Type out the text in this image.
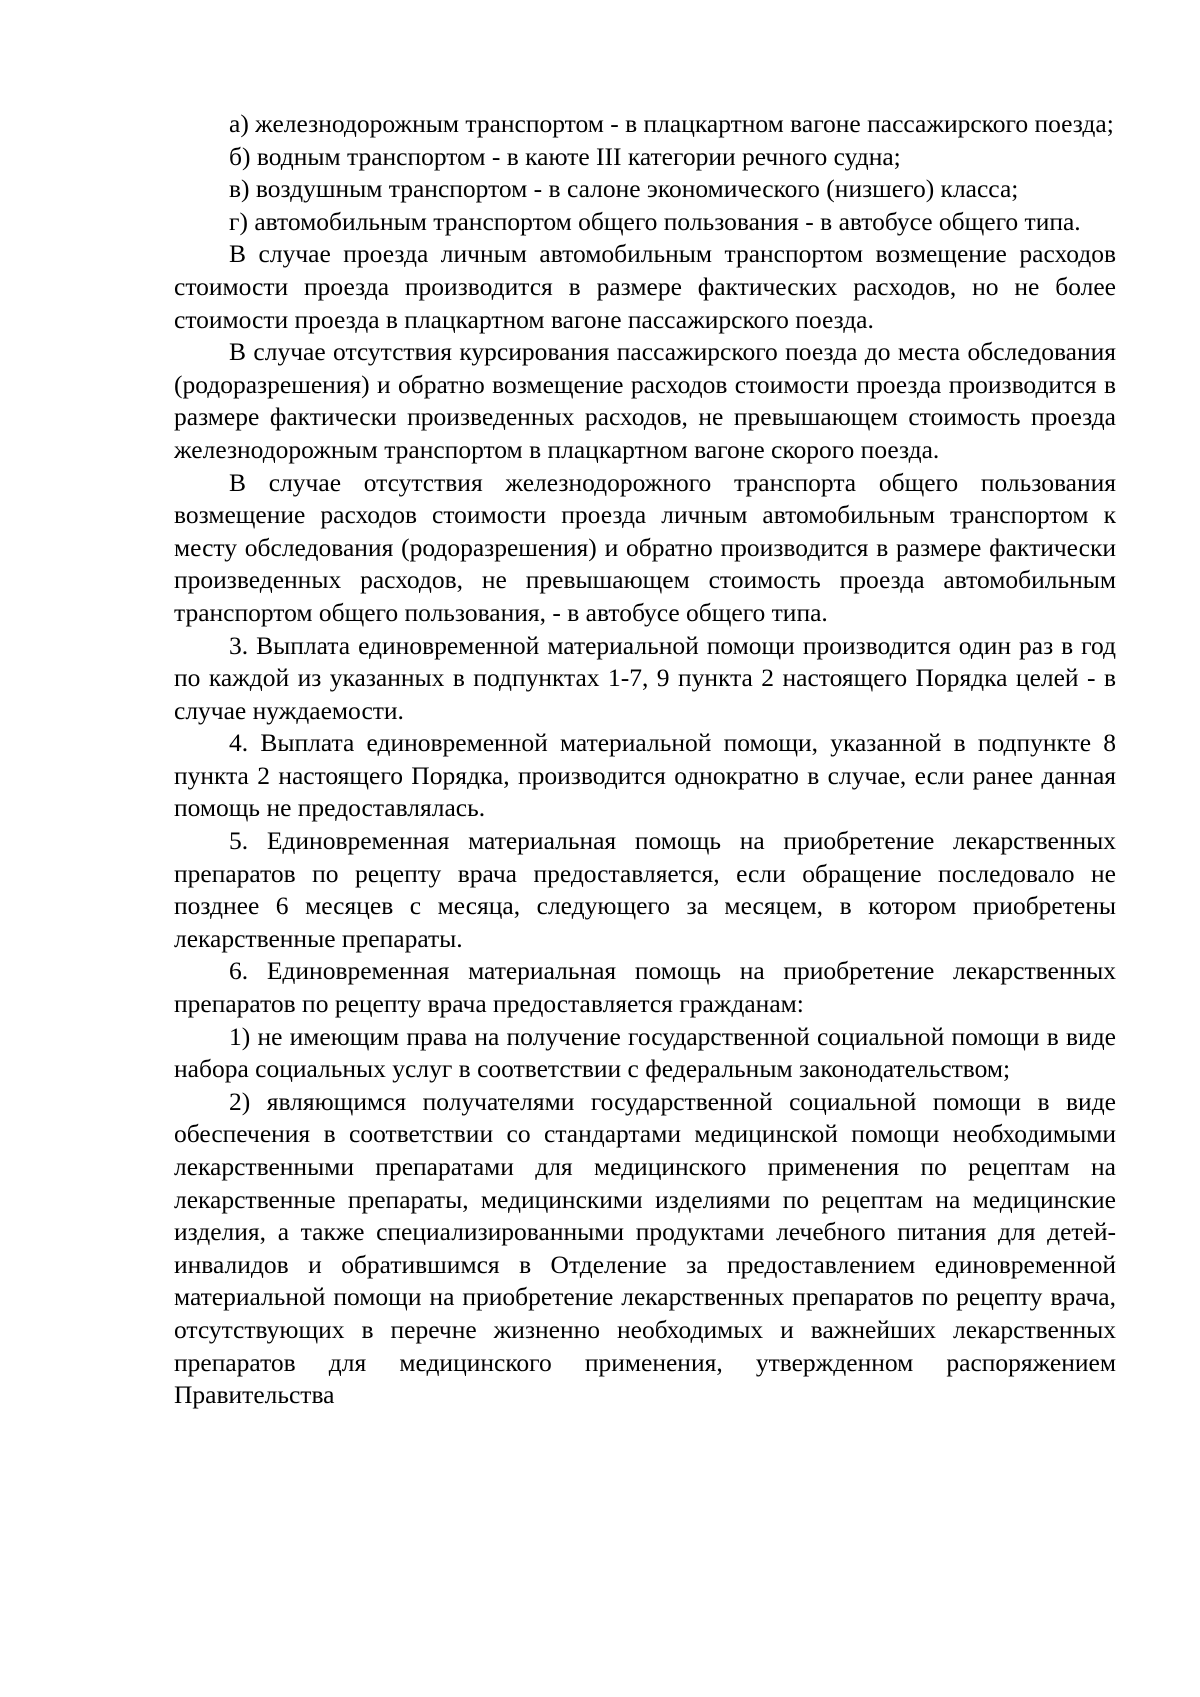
а) железнодорожным транспортом - в плацкартном вагоне пассажирского поезда;

б) водным транспортом - в каюте III категории речного судна;

в) воздушным транспортом - в салоне экономического (низшего) класса;

г) автомобильным транспортом общего пользования - в автобусе общего типа.

В случае проезда личным автомобильным транспортом возмещение расходов стоимости проезда производится в размере фактических расходов, но не более стоимости проезда в плацкартном вагоне пассажирского поезда.

В случае отсутствия курсирования пассажирского поезда до места обследования (родоразрешения) и обратно возмещение расходов стоимости проезда производится в размере фактически произведенных расходов, не превышающем стоимость проезда железнодорожным транспортом в плацкартном вагоне скорого поезда.

В случае отсутствия железнодорожного транспорта общего пользования возмещение расходов стоимости проезда личным автомобильным транспортом к месту обследования (родоразрешения) и обратно производится в размере фактически произведенных расходов, не превышающем стоимость проезда автомобильным транспортом общего пользования, - в автобусе общего типа.

3. Выплата единовременной материальной помощи производится один раз в год по каждой из указанных в подпунктах 1-7, 9 пункта 2 настоящего Порядка целей - в случае нуждаемости.

4. Выплата единовременной материальной помощи, указанной в подпункте 8 пункта 2 настоящего Порядка, производится однократно в случае, если ранее данная помощь не предоставлялась.

5. Единовременная материальная помощь на приобретение лекарственных препаратов по рецепту врача предоставляется, если обращение последовало не позднее 6 месяцев с месяца, следующего за месяцем, в котором приобретены лекарственные препараты.

6. Единовременная материальная помощь на приобретение лекарственных препаратов по рецепту врача предоставляется гражданам:

1) не имеющим права на получение государственной социальной помощи в виде набора социальных услуг в соответствии с федеральным законодательством;

2) являющимся получателями государственной социальной помощи в виде обеспечения в соответствии со стандартами медицинской помощи необходимыми лекарственными препаратами для медицинского применения по рецептам на лекарственные препараты, медицинскими изделиями по рецептам на медицинские изделия, а также специализированными продуктами лечебного питания для детей-инвалидов и обратившимся в Отделение за предоставлением единовременной материальной помощи на приобретение лекарственных препаратов по рецепту врача, отсутствующих в перечне жизненно необходимых и важнейших лекарственных препаратов для медицинского применения, утвержденном распоряжением Правительства
